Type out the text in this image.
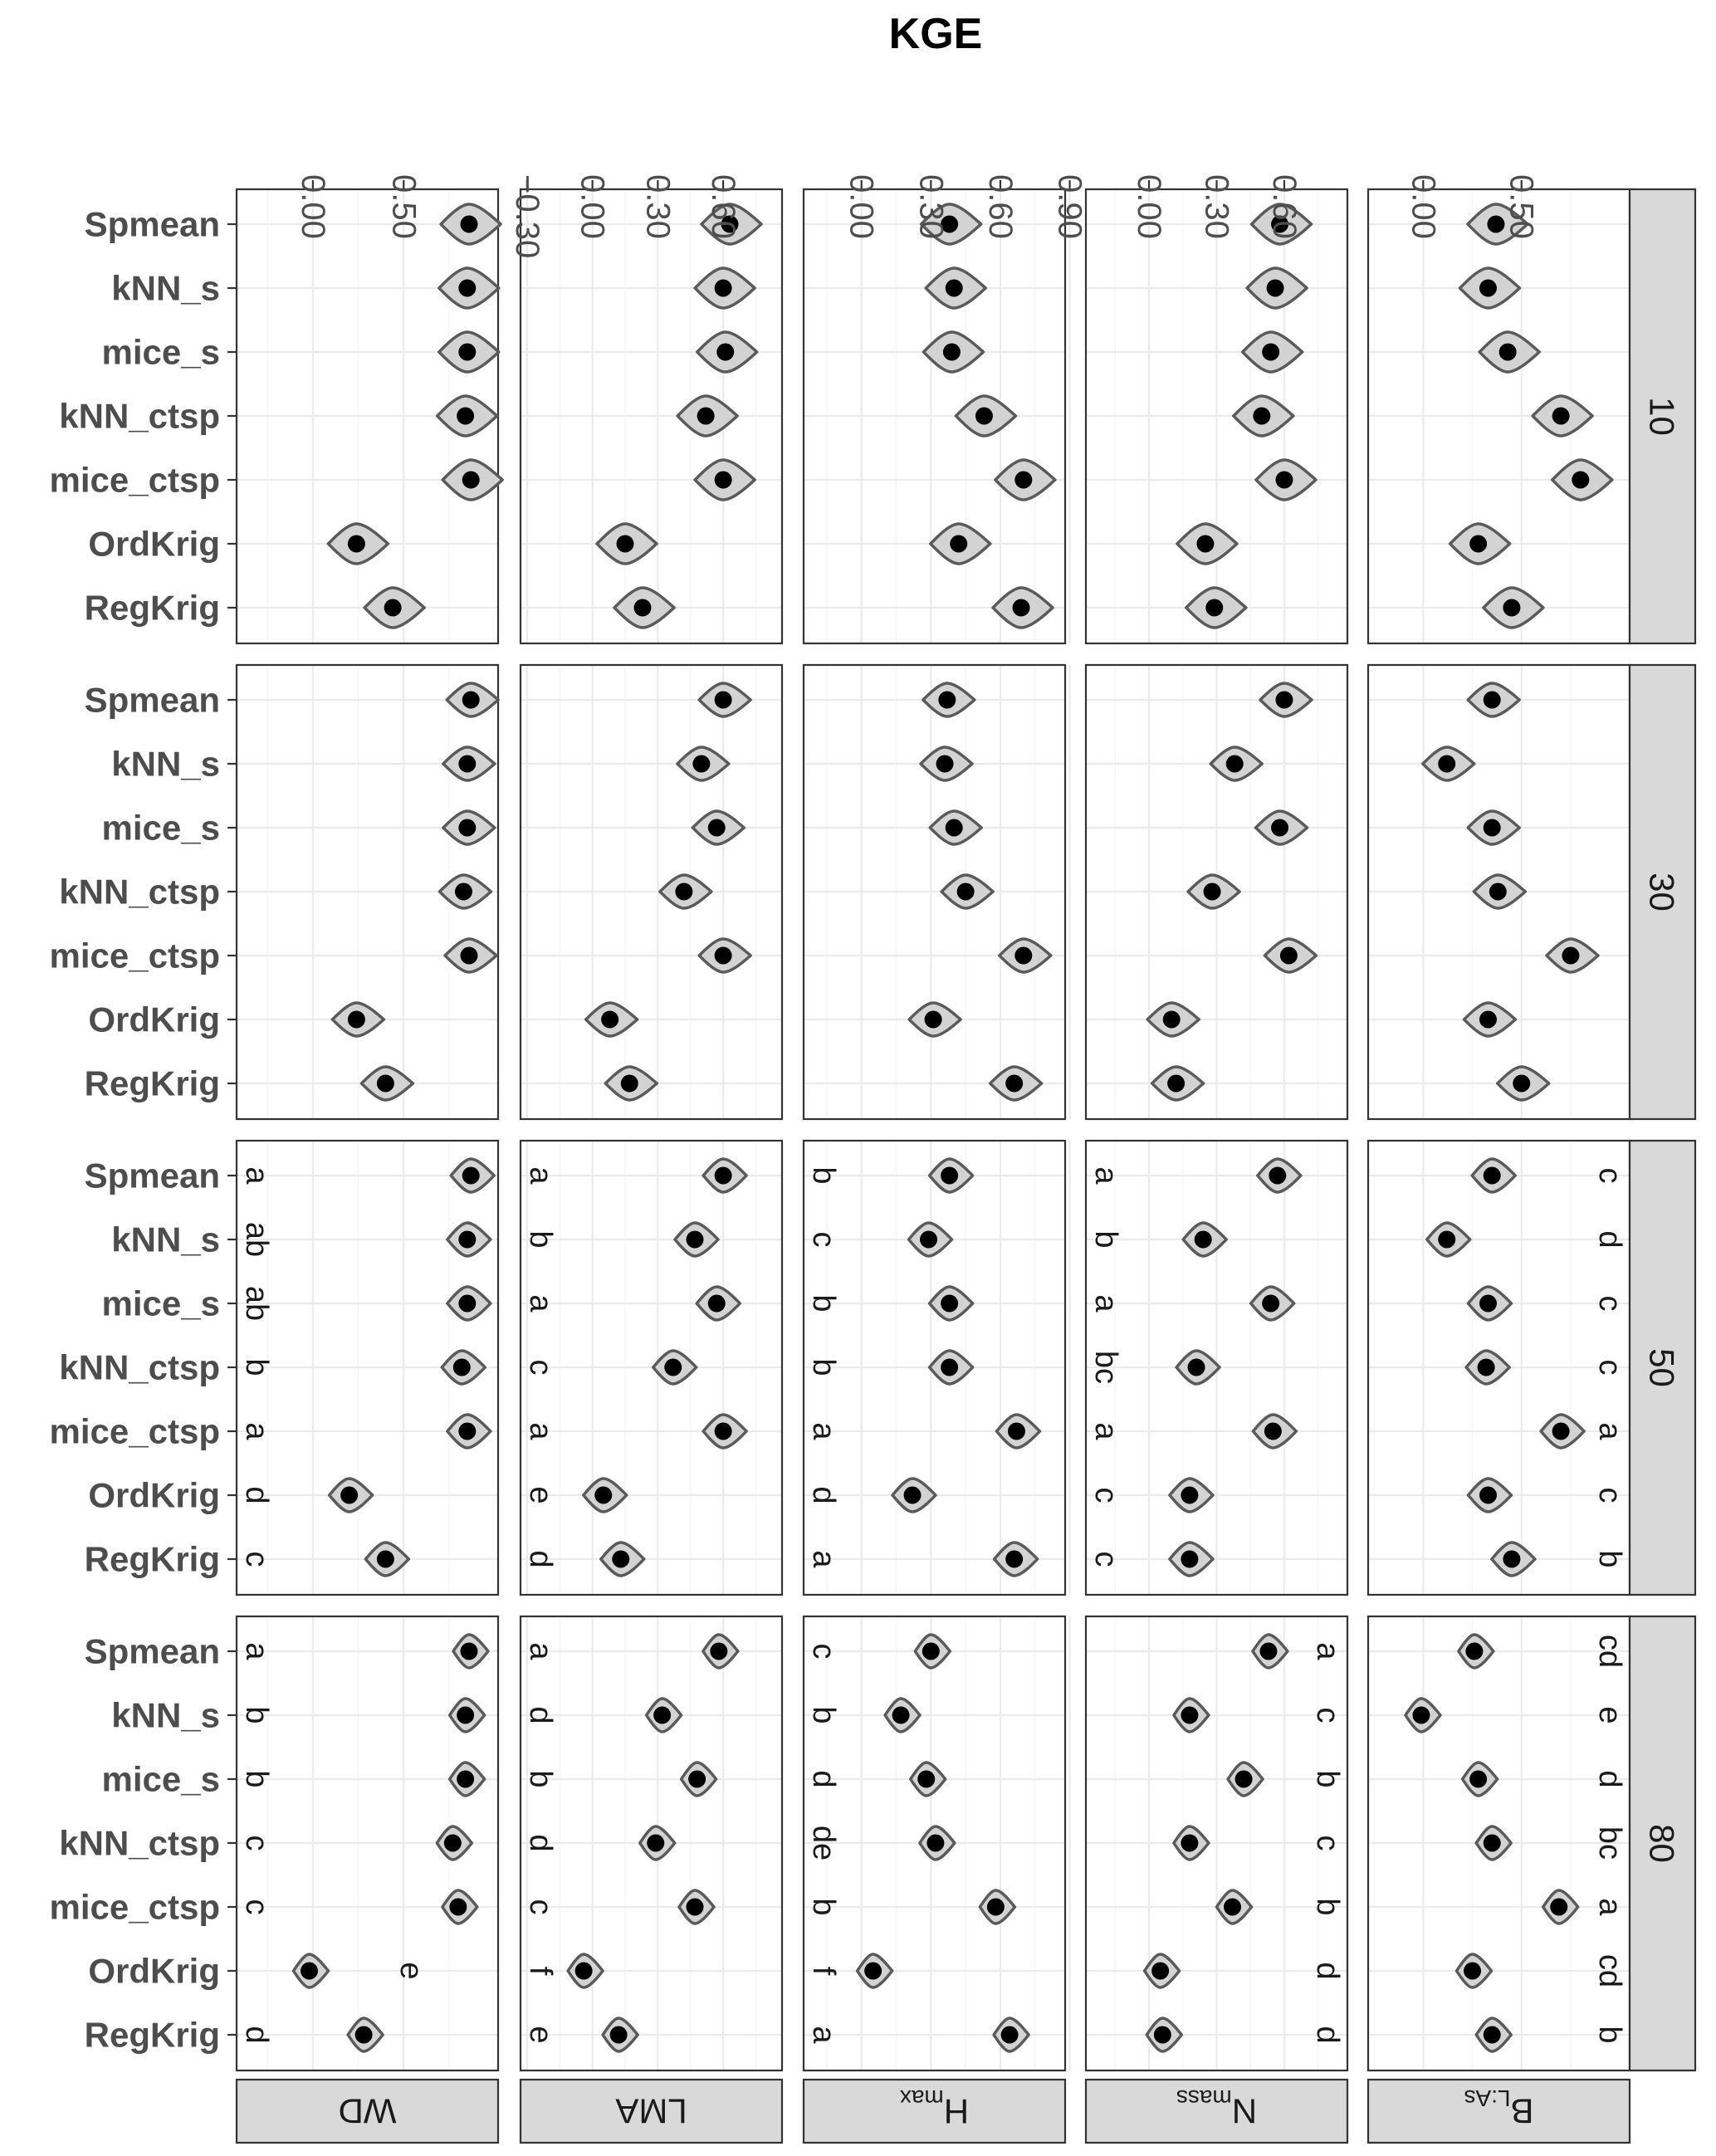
KGE
a
ab
ab
b
a
d
c
a
b
a
c
a
e
d
b
c
b
b
a
d
a
a
b
a
bc
a
c
c
c
d
c
c
a
c
b
a
b
b
c
c
e
d
a
d
b
d
c
f
e
c
b
d
de
b
f
a
a
c
b
c
b
d
d
cd
e
d
bc
a
cd
b
0.00 0.50	−0.30 0.00 0.30 0.60	0.00 0.30 0.60 0.90 0.00 0.30 0.60	0.00 0.50
Spmean
kNN_s
mice_s
kNN_ctsp
mice_ctsp
OrdKrig
RegKrig
Spmean
kNN_s
mice_s
kNN_ctsp
mice_ctsp
OrdKrig
RegKrig
Spmean
kNN_s
mice_s
kNN_ctsp
mice_ctsp
OrdKrig
RegKrig
Spmean
kNN_s
mice_s
kNN_ctsp
mice_ctsp
OrdKrig
RegKrig
10
30
50
80
WD	LMA	$H_{max}$	$N_{mass}$	$B_{L:As}$
